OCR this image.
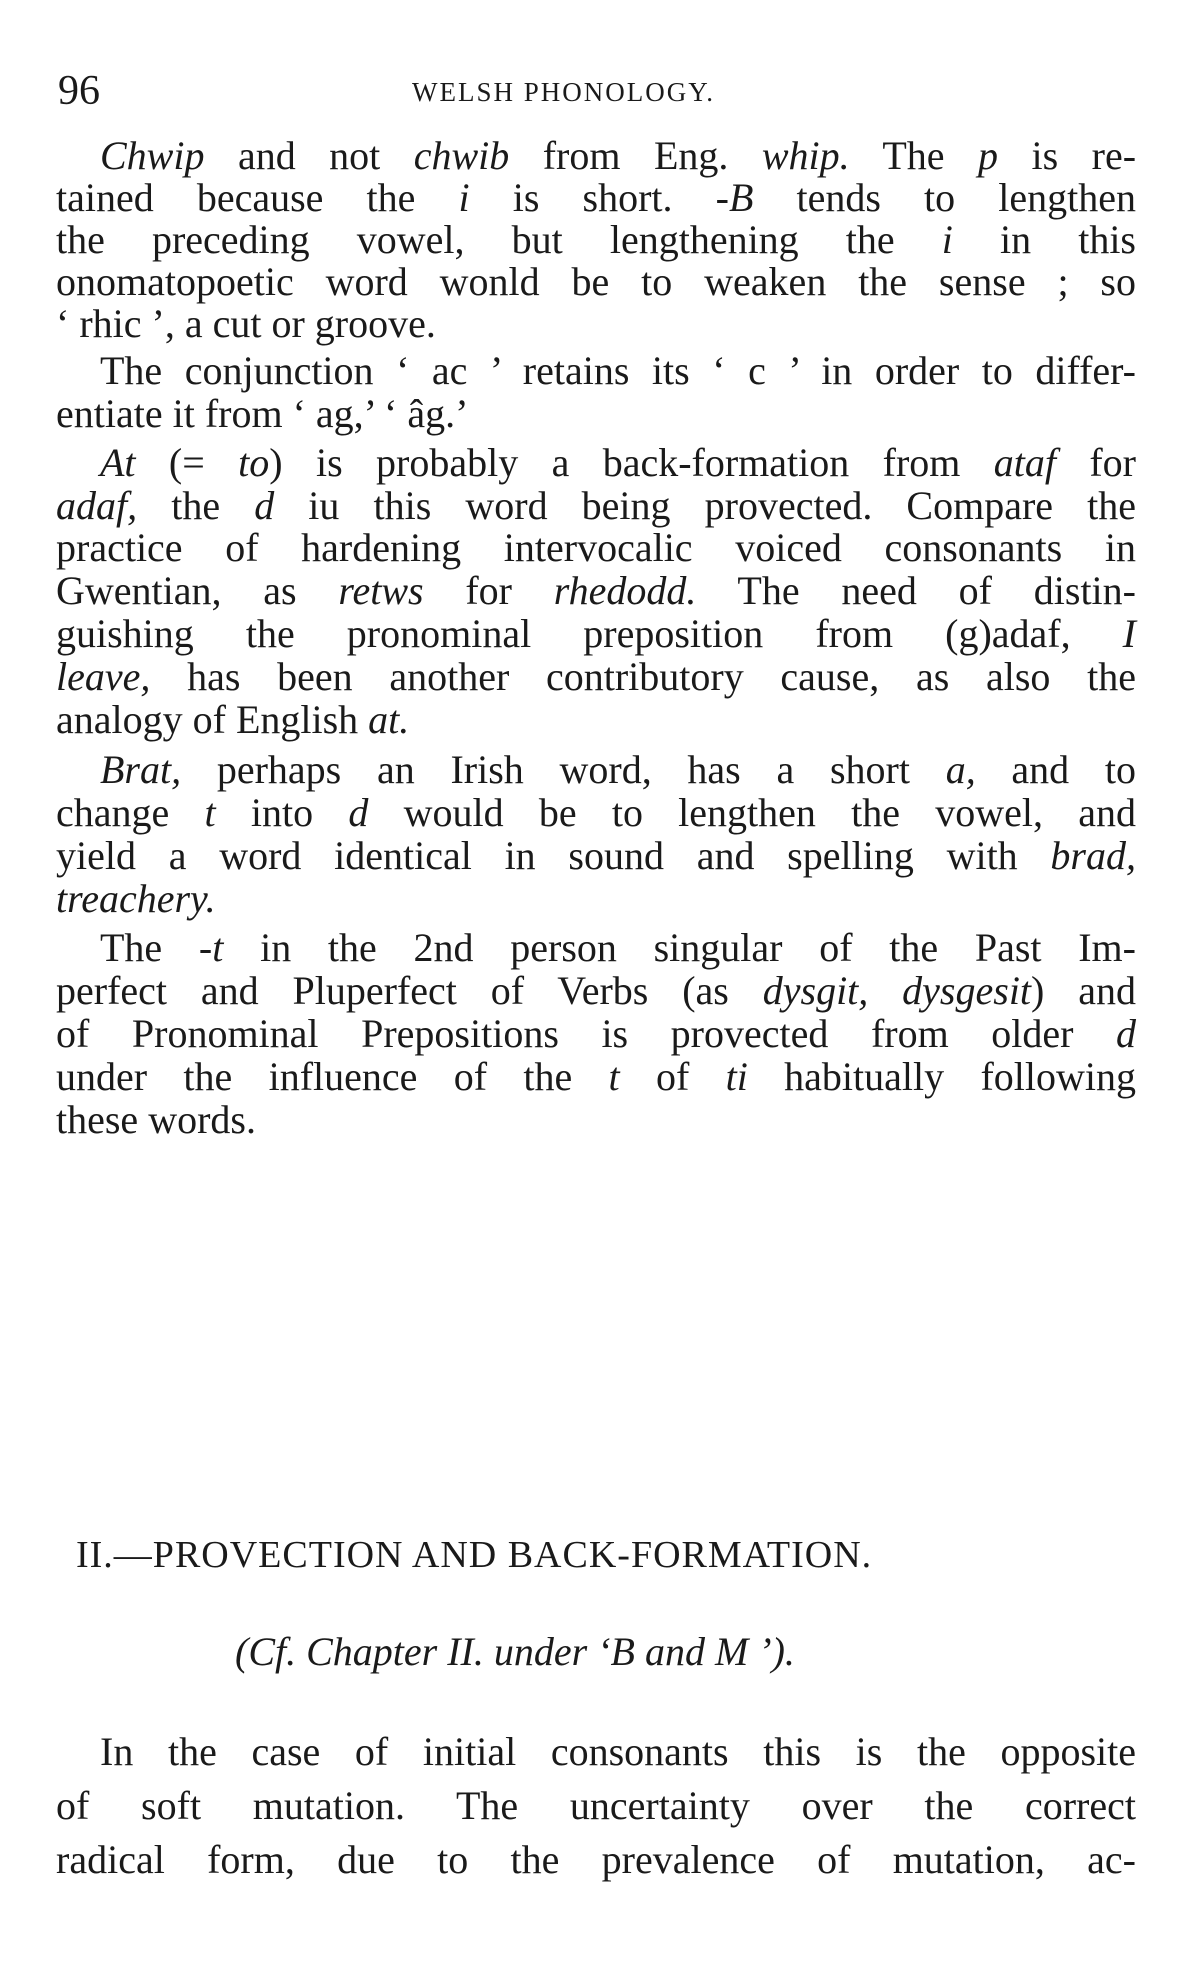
96	WELSH PHONOLOGY.
Chwip and not chwib from Eng. whip. The p is re-
tained because the i is short. -B tends to lengthen
the preceding vowel, but lengthening the i in this
onomatopoetic word wonld be to weaken the sense ; so
‘ rhic ’, a cut or groove.
The conjunction ‘ ac ’ retains its ‘ c ’ in order to differ-
entiate it from ‘ ag,’ ‘ âg.’
At (= to) is probably a back-formation from ataf for
adaf, the d iu this word being provected. Compare the
practice of hardening intervocalic voiced consonants in
Gwentian, as retws for rhedodd. The need of distin-
guishing the pronominal preposition from (g)adaf, I
leave, has been another contributory cause, as also the
analogy of English at.
Brat, perhaps an Irish word, has a short a, and to
change t into d would be to lengthen the vowel, and
yield a word identical in sound and spelling with brad,
treachery.
The -t in the 2nd person singular of the Past Im-
perfect and Pluperfect of Verbs (as dysgit, dysgesit) and
of Pronominal Prepositions is provected from older d
under the influence of the t of ti habitually following
these words.
II.—PROVECTION AND BACK-FORMATION.
(Cf. Chapter II. under ‘B and M ’).
In the case of initial consonants this is the opposite
of soft mutation. The uncertainty over the correct
radical form, due to the prevalence of mutation, ac-
